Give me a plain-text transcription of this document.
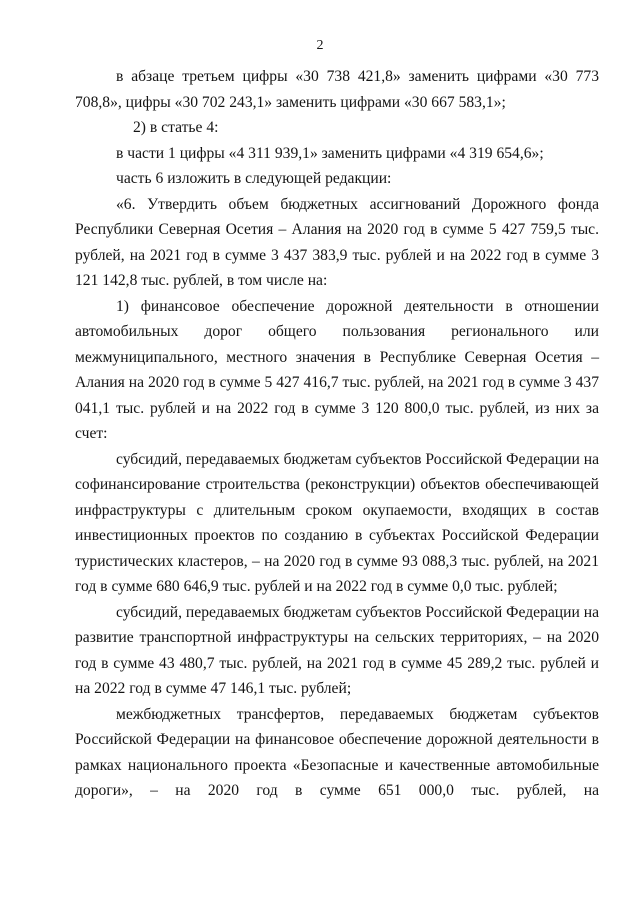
2

в абзаце третьем цифры «30 738 421,8» заменить цифрами «30 773 708,8», цифры «30 702 243,1» заменить цифрами «30 667 583,1»;

2) в статье 4:

в части 1 цифры «4 311 939,1» заменить цифрами «4 319 654,6»;

часть 6 изложить в следующей редакции:

«6. Утвердить объем бюджетных ассигнований Дорожного фонда Республики Северная Осетия – Алания на 2020 год в сумме 5 427 759,5 тыс. рублей, на 2021 год в сумме 3 437 383,9 тыс. рублей и на 2022 год в сумме 3 121 142,8 тыс. рублей, в том числе на:

1) финансовое обеспечение дорожной деятельности в отношении автомобильных дорог общего пользования регионального или межмуниципального, местного значения в Республике Северная Осетия – Алания на 2020 год в сумме 5 427 416,7 тыс. рублей, на 2021 год в сумме 3 437 041,1 тыс. рублей и на 2022 год в сумме 3 120 800,0 тыс. рублей, из них за счет:

субсидий, передаваемых бюджетам субъектов Российской Федерации на софинансирование строительства (реконструкции) объектов обеспечивающей инфраструктуры с длительным сроком окупаемости, входящих в состав инвестиционных проектов по созданию в субъектах Российской Федерации туристических кластеров, – на 2020 год в сумме 93 088,3 тыс. рублей, на 2021 год в сумме 680 646,9 тыс. рублей и на 2022 год в сумме 0,0 тыс. рублей;

субсидий, передаваемых бюджетам субъектов Российской Федерации на развитие транспортной инфраструктуры на сельских территориях, – на 2020 год в сумме 43 480,7 тыс. рублей, на 2021 год в сумме 45 289,2 тыс. рублей и на 2022 год в сумме 47 146,1 тыс. рублей;

межбюджетных трансфертов, передаваемых бюджетам субъектов Российской Федерации на финансовое обеспечение дорожной деятельности в рамках национального проекта «Безопасные и качественные автомобильные дороги», – на 2020 год в сумме 651 000,0 тыс. рублей, на
